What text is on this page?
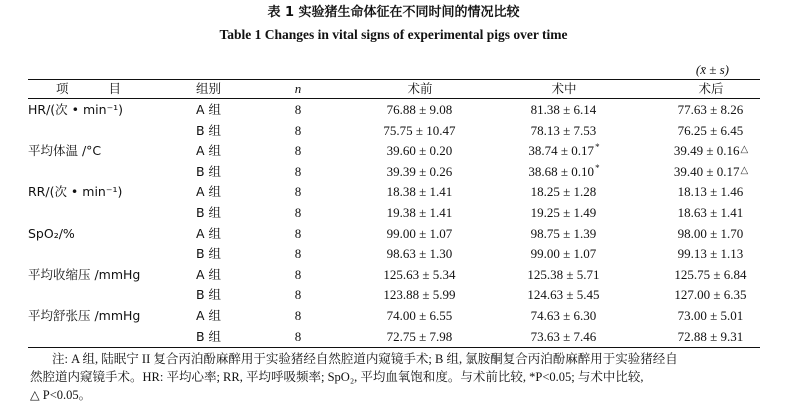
表 1 实验猪生命体征在不同时间的情况比较
Table 1 Changes in vital signs of experimental pigs over time
(x̄ ± s)
项 目	组别	n	术前	术中	术后
HR/(次 • min⁻¹)	A 组	8	76.88 ± 9.08	81.38 ± 6.14	77.63 ± 8.26
B 组	8	75.75 ± 10.47	78.13 ± 7.53	76.25 ± 6.45
平均体温 /°C	A 组	8	39.60 ± 0.20	38.74 ± 0.17*	39.49 ± 0.16△
B 组	8	39.39 ± 0.26	38.68 ± 0.10*	39.40 ± 0.17△
RR/(次 • min⁻¹)	A 组	8	18.38 ± 1.41	18.25 ± 1.28	18.13 ± 1.46
B 组	8	19.38 ± 1.41	19.25 ± 1.49	18.63 ± 1.41
SpO₂/%	A 组	8	99.00 ± 1.07	98.75 ± 1.39	98.00 ± 1.70
B 组	8	98.63 ± 1.30	99.00 ± 1.07	99.13 ± 1.13
平均收缩压 /mmHg	A 组	8	125.63 ± 5.34	125.38 ± 5.71	125.75 ± 6.84
B 组	8	123.88 ± 5.99	124.63 ± 5.45	127.00 ± 6.35
平均舒张压 /mmHg	A 组	8	74.00 ± 6.55	74.63 ± 6.30	73.00 ± 5.01
B 组	8	72.75 ± 7.98	73.63 ± 7.46	72.88 ± 9.31
注: A 组, 陆眠宁 II 复合丙泊酚麻醉用于实验猪经自然腔道内窥镜手术; B 组, 氯胺酮复合丙泊酚麻醉用于实验猪经自
然腔道内窥镜手术。HR: 平均心率; RR, 平均呼吸频率; SpO₂, 平均血氧饱和度。与术前比较, *P<0.05; 与术中比较,
△ P<0.05。
